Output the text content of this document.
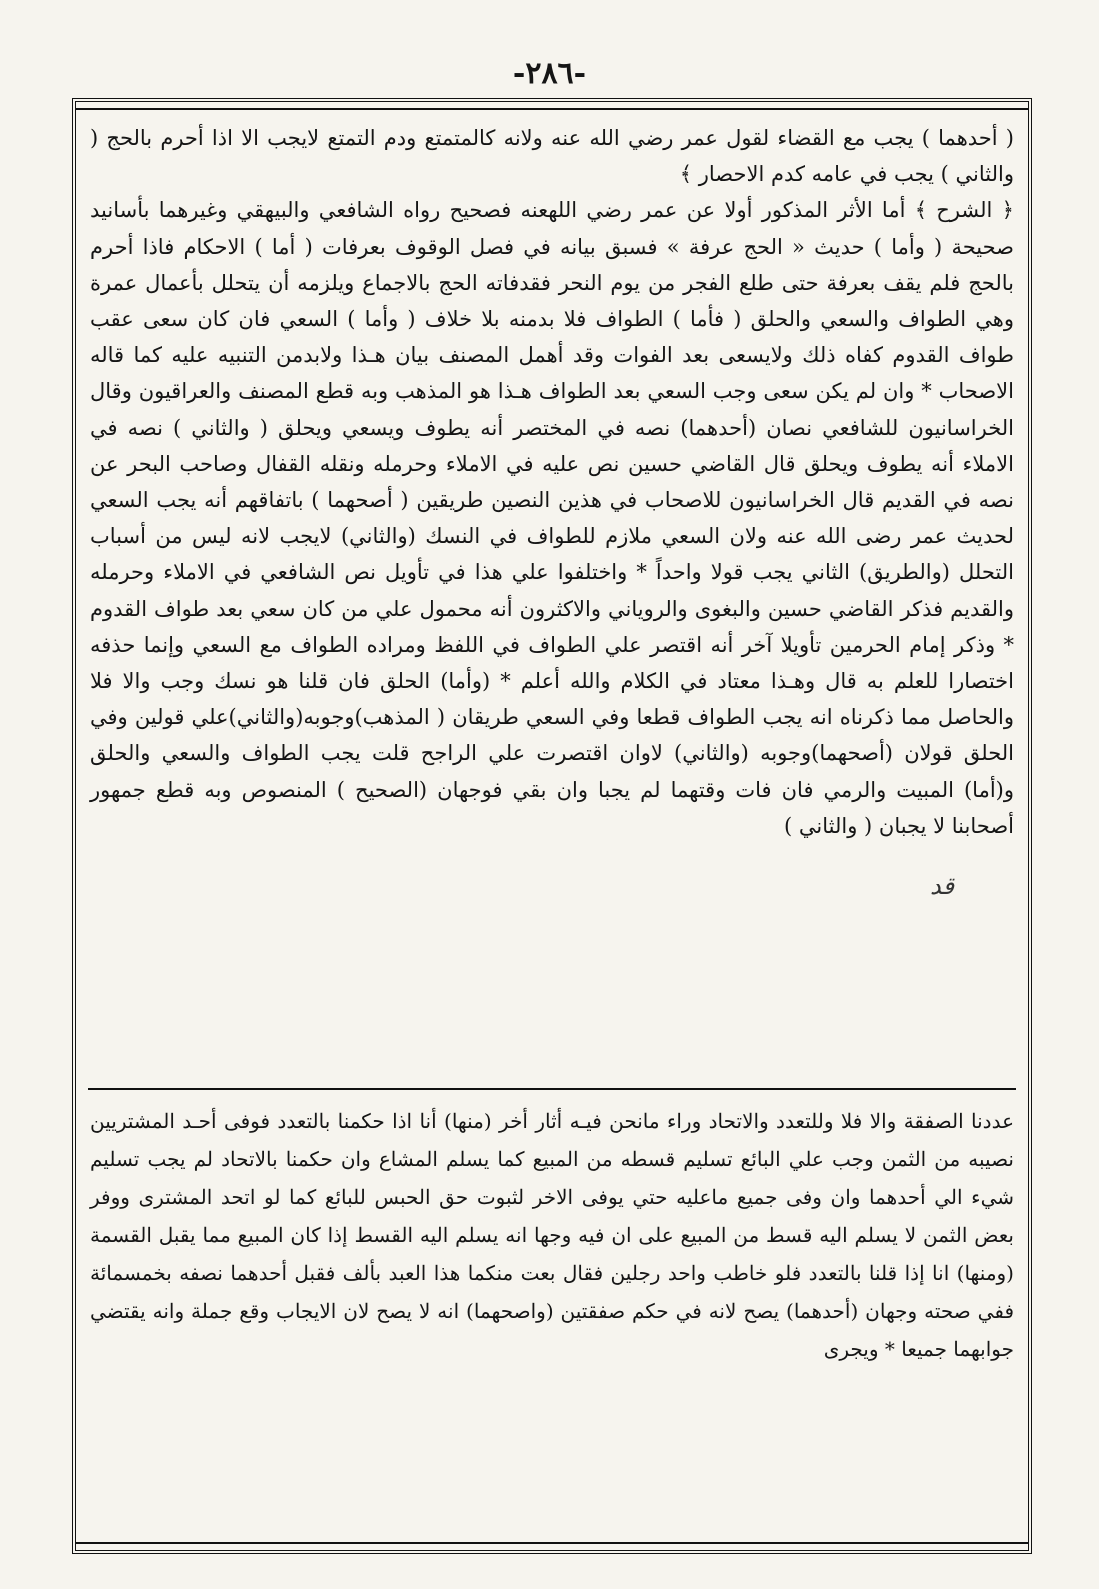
-٢٨٦-
قد

( أحدهما ) يجب مع القضاء لقول عمر رضي الله عنه ولانه كالمتمتع ودم التمتع لايجب الا اذا أحرم بالحج ( والثاني ) يجب في عامه كدم الاحصار ﴾

﴿ الشرح ﴾ أما الأثر المذكور أولا عن عمر رضي اللهعنه فصحيح رواه الشافعي والبيهقي وغيرهما بأسانيد صحيحة ( وأما ) حديث « الحج عرفة » فسبق بيانه في فصل الوقوف بعرفات ( أما ) الاحكام فاذا أحرم بالحج فلم يقف بعرفة حتى طلع الفجر من يوم النحر فقدفاته الحج بالاجماع ويلزمه أن يتحلل بأعمال عمرة وهي الطواف والسعي والحلق ( فأما ) الطواف فلا بدمنه بلا خلاف ( وأما ) السعي فان كان سعى عقب طواف القدوم كفاه ذلك ولايسعى بعد الفوات وقد أهمل المصنف بيان هـذا ولابدمن التنبيه عليه كما قاله الاصحاب * وان لم يكن سعى وجب السعي بعد الطواف هـذا هو المذهب وبه قطع المصنف والعراقيون وقال الخراسانيون للشافعي نصان (أحدهما) نصه في المختصر أنه يطوف ويسعي ويحلق ( والثاني ) نصه في الاملاء أنه يطوف ويحلق قال القاضي حسين نص عليه في الاملاء وحرمله ونقله القفال وصاحب البحر عن نصه في القديم قال الخراسانيون للاصحاب في هذين النصين طريقين ( أصحهما ) باتفاقهم أنه يجب السعي لحديث عمر رضى الله عنه ولان السعي ملازم للطواف في النسك (والثاني) لايجب لانه ليس من أسباب التحلل (والطريق) الثاني يجب قولا واحداً * واختلفوا علي هذا في تأويل نص الشافعي في الاملاء وحرمله والقديم فذكر القاضي حسين والبغوى والروياني والاكثرون أنه محمول علي من كان سعي بعد طواف القدوم * وذكر إمام الحرمين تأويلا آخر أنه اقتصر علي الطواف في اللفظ ومراده الطواف مع السعي وإنما حذفه اختصارا للعلم به قال وهـذا معتاد في الكلام والله أعلم * (وأما) الحلق فان قلنا هو نسك وجب والا فلا والحاصل مما ذكرناه انه يجب الطواف قطعا وفي السعي طريقان ( المذهب)وجوبه(والثاني)علي قولين وفي الحلق قولان (أصحهما)وجوبه (والثاني) لاوان اقتصرت علي الراجح قلت يجب الطواف والسعي والحلق و(أما) المبيت والرمي فان فات وقتهما لم يجبا وان بقي فوجهان (الصحيح ) المنصوص وبه قطع جمهور أصحابنا لا يجبان ( والثاني )

عددنا الصفقة والا فلا وللتعدد والاتحاد وراء مانحن فيـه أثار أخر (منها) أنا اذا حكمنا بالتعدد فوفى أحـد المشتريين نصيبه من الثمن وجب علي البائع تسليم قسطه من المبيع كما يسلم المشاع وان حكمنا بالاتحاد لم يجب تسليم شيء الي أحدهما وان وفى جميع ماعليه حتي يوفى الاخر لثبوت حق الحبس للبائع كما لو اتحد المشترى ووفر بعض الثمن لا يسلم اليه قسط من المبيع على ان فيه وجها انه يسلم اليه القسط إذا كان المبيع مما يقبل القسمة (ومنها) انا إذا قلنا بالتعدد فلو خاطب واحد رجلين فقال بعت منكما هذا العبد بألف فقبل أحدهما نصفه بخمسمائة ففي صحته وجهان (أحدهما) يصح لانه في حكم صفقتين (واصحهما) انه لا يصح لان الايجاب وقع جملة وانه يقتضي جوابهما جميعا * ويجرى
